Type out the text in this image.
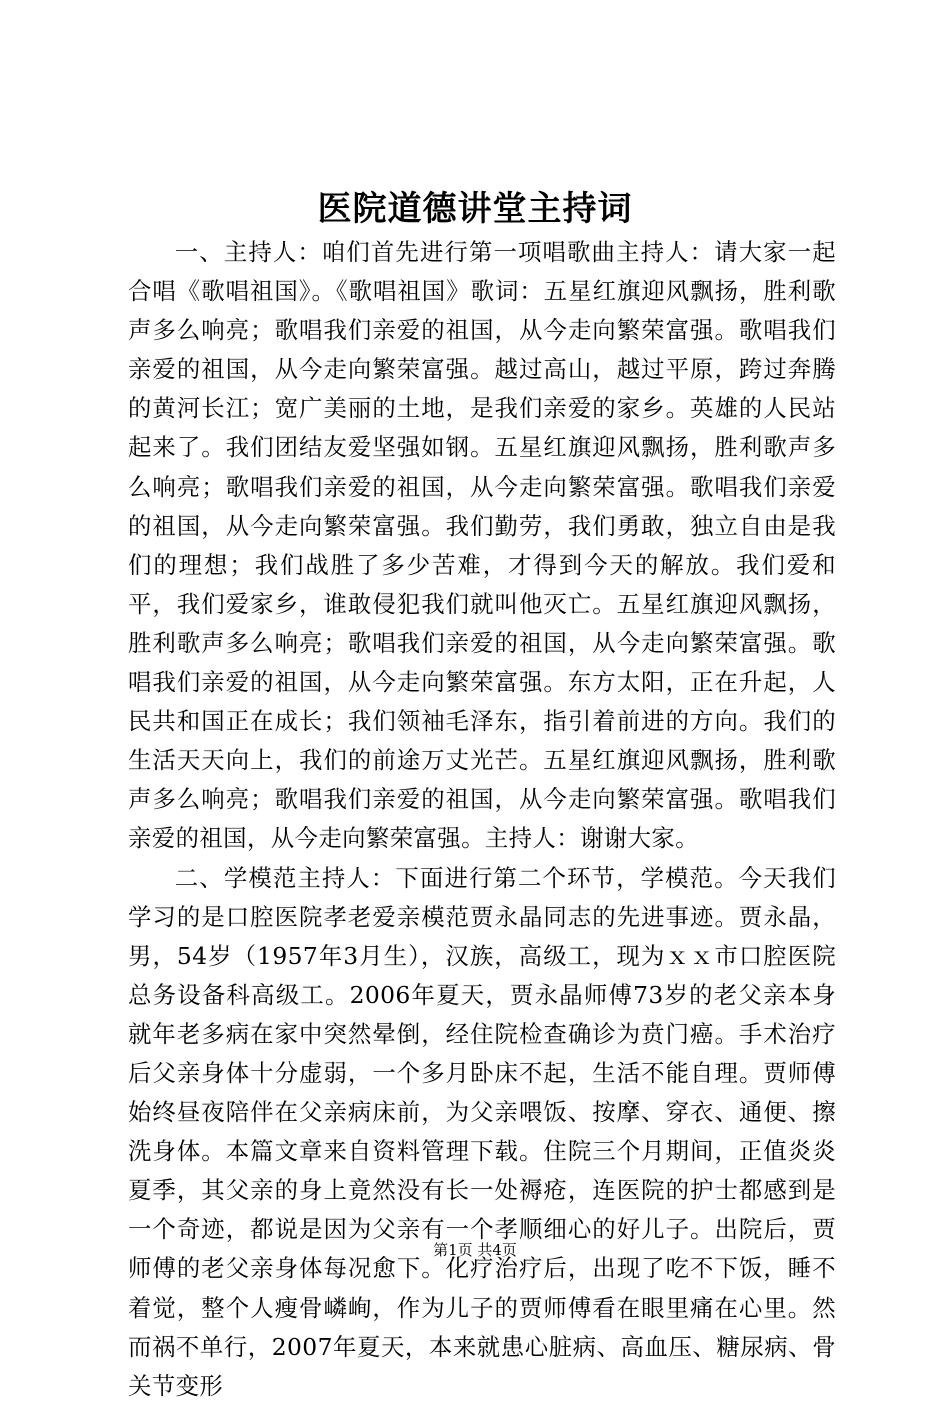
医院道德讲堂主持词

一、主持人：咱们首先进行第一项唱歌曲主持人：请大家一起合唱《歌唱祖国》。《歌唱祖国》歌词：五星红旗迎风飘扬，胜利歌声多么响亮；歌唱我们亲爱的祖国，从今走向繁荣富强。歌唱我们亲爱的祖国，从今走向繁荣富强。越过高山，越过平原，跨过奔腾的黄河长江；宽广美丽的土地，是我们亲爱的家乡。英雄的人民站起来了。我们团结友爱坚强如钢。五星红旗迎风飘扬，胜利歌声多么响亮；歌唱我们亲爱的祖国，从今走向繁荣富强。歌唱我们亲爱的祖国，从今走向繁荣富强。我们勤劳，我们勇敢，独立自由是我们的理想；我们战胜了多少苦难，才得到今天的解放。我们爱和平，我们爱家乡，谁敢侵犯我们就叫他灭亡。五星红旗迎风飘扬，胜利歌声多么响亮；歌唱我们亲爱的祖国，从今走向繁荣富强。歌唱我们亲爱的祖国，从今走向繁荣富强。东方太阳，正在升起，人民共和国正在成长；我们领袖毛泽东，指引着前进的方向。我们的生活天天向上，我们的前途万丈光芒。五星红旗迎风飘扬，胜利歌声多么响亮；歌唱我们亲爱的祖国，从今走向繁荣富强。歌唱我们亲爱的祖国，从今走向繁荣富强。主持人：谢谢大家。

二、学模范主持人：下面进行第二个环节，学模范。今天我们学习的是口腔医院孝老爱亲模范贾永晶同志的先进事迹。贾永晶，男，54岁（1957年3月生），汉族，高级工，现为ｘｘ市口腔医院总务设备科高级工。2006年夏天，贾永晶师傅73岁的老父亲本身就年老多病在家中突然晕倒，经住院检查确诊为贲门癌。手术治疗后父亲身体十分虚弱，一个多月卧床不起，生活不能自理。贾师傅始终昼夜陪伴在父亲病床前，为父亲喂饭、按摩、穿衣、通便、擦洗身体。本篇文章来自资料管理下载。住院三个月期间，正值炎炎夏季，其父亲的身上竟然没有长一处褥疮，连医院的护士都感到是一个奇迹，都说是因为父亲有一个孝顺细心的好儿子。出院后，贾师傅的老父亲身体每况愈下。化疗治疗后，出现了吃不下饭，睡不着觉，整个人瘦骨嶙峋，作为儿子的贾师傅看在眼里痛在心里。然而祸不单行，2007年夏天，本来就患心脏病、高血压、糖尿病、骨关节变形

第1页 共4页
